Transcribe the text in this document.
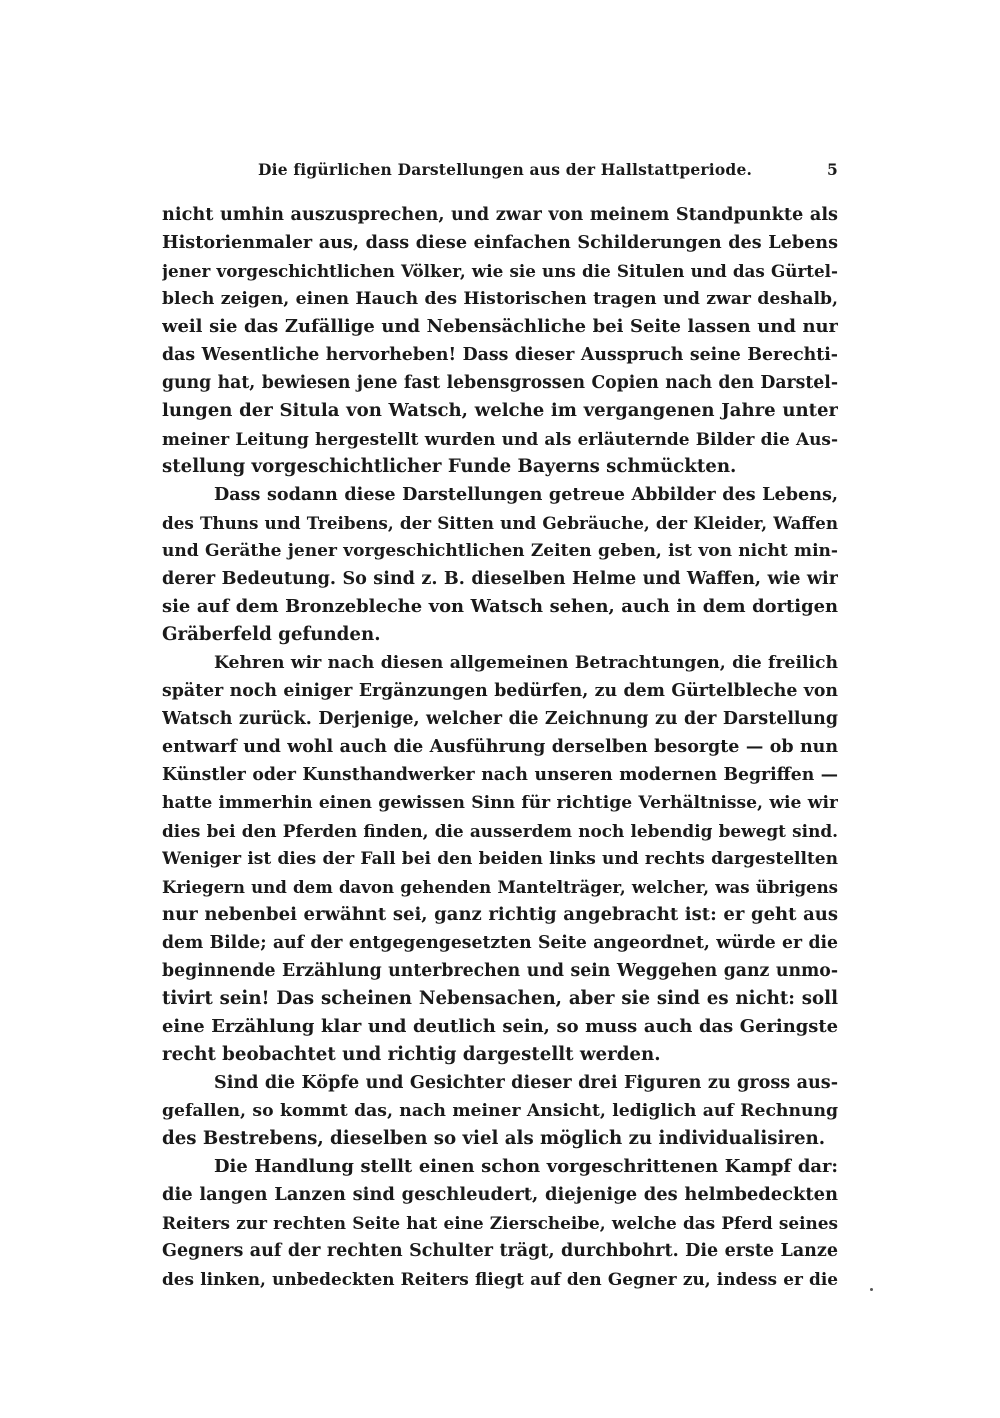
Die figürlichen Darstellungen aus der Hallstattperiode.	5
nicht umhin auszusprechen, und zwar von meinem Standpunkte als
Historienmaler aus, dass diese einfachen Schilderungen des Lebens
jener vorgeschichtlichen Völker, wie sie uns die Situlen und das Gürtel-
blech zeigen, einen Hauch des Historischen tragen und zwar deshalb,
weil sie das Zufällige und Nebensächliche bei Seite lassen und nur
das Wesentliche hervorheben! Dass dieser Ausspruch seine Berechti-
gung hat, bewiesen jene fast lebensgrossen Copien nach den Darstel-
lungen der Situla von Watsch, welche im vergangenen Jahre unter
meiner Leitung hergestellt wurden und als erläuternde Bilder die Aus-
stellung vorgeschichtlicher Funde Bayerns schmückten.
Dass sodann diese Darstellungen getreue Abbilder des Lebens,
des Thuns und Treibens, der Sitten und Gebräuche, der Kleider, Waffen
und Geräthe jener vorgeschichtlichen Zeiten geben, ist von nicht min-
derer Bedeutung. So sind z. B. dieselben Helme und Waffen, wie wir
sie auf dem Bronzebleche von Watsch sehen, auch in dem dortigen
Gräberfeld gefunden.
Kehren wir nach diesen allgemeinen Betrachtungen, die freilich
später noch einiger Ergänzungen bedürfen, zu dem Gürtelbleche von
Watsch zurück. Derjenige, welcher die Zeichnung zu der Darstellung
entwarf und wohl auch die Ausführung derselben besorgte — ob nun
Künstler oder Kunsthandwerker nach unseren modernen Begriffen —
hatte immerhin einen gewissen Sinn für richtige Verhältnisse, wie wir
dies bei den Pferden finden, die ausserdem noch lebendig bewegt sind.
Weniger ist dies der Fall bei den beiden links und rechts dargestellten
Kriegern und dem davon gehenden Mantelträger, welcher, was übrigens
nur nebenbei erwähnt sei, ganz richtig angebracht ist: er geht aus
dem Bilde; auf der entgegengesetzten Seite angeordnet, würde er die
beginnende Erzählung unterbrechen und sein Weggehen ganz unmo-
tivirt sein! Das scheinen Nebensachen, aber sie sind es nicht: soll
eine Erzählung klar und deutlich sein, so muss auch das Geringste
recht beobachtet und richtig dargestellt werden.
Sind die Köpfe und Gesichter dieser drei Figuren zu gross aus-
gefallen, so kommt das, nach meiner Ansicht, lediglich auf Rechnung
des Bestrebens, dieselben so viel als möglich zu individualisiren.
Die Handlung stellt einen schon vorgeschrittenen Kampf dar:
die langen Lanzen sind geschleudert, diejenige des helmbedeckten
Reiters zur rechten Seite hat eine Zierscheibe, welche das Pferd seines
Gegners auf der rechten Schulter trägt, durchbohrt. Die erste Lanze
des linken, unbedeckten Reiters fliegt auf den Gegner zu, indess er die
